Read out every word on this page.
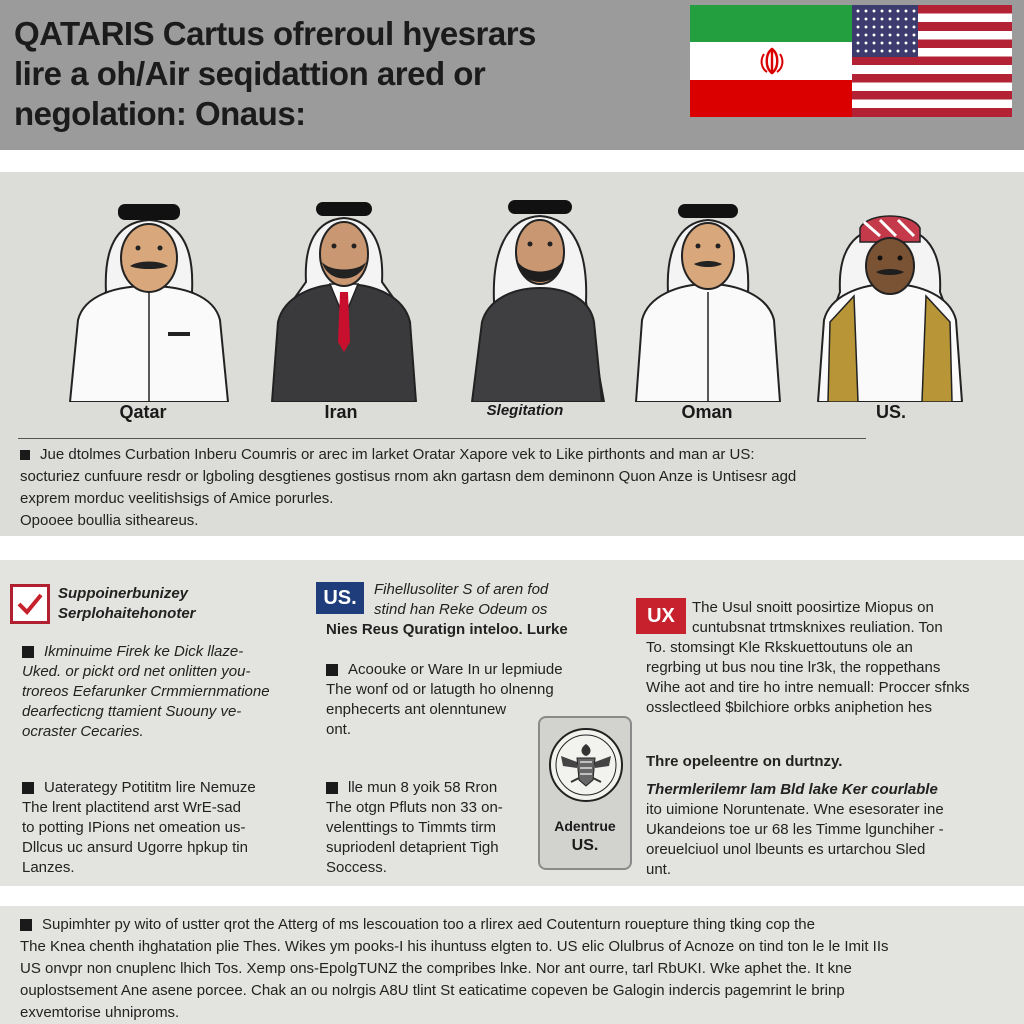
QATARIS Cartus ofreroul hyesrars
lire a oh/Air seqidattion ared or
negolation: Onaus:
Qatar	Iran	Slegitation	Oman	US.
Jue dtolmes Curbation Inberu Coumris or arec im larket Oratar Xapore vek to Like pirthonts and man ar US:
socturiez cunfuure resdr or lgboling desgtienes gostisus rnom akn gartasn dem deminonn Quon Anze is Untisesr agd
exprem morduc veelitishsigs of Amice porurles.
Opooee boullia sitheareus.
Suppoinerbunizey
Serplohaitehonoter
Ikminuime Firek ke Dick llaze-
Uked. or pickt ord net onlitten you-
troreos Eefarunker Crmmiernmatione
dearfecticng ttamient Suouny ve-
ocraster Cecaries.
Uaterategy Potititm lire Nemuze
The lrent plactitend arst WrE-sad
to potting IPions net omeation us-
Dllcus uc ansurd Ugorre hpkup tin
Lanzes.
US.	Fihellusoliter S of aren fod
stind han Reke Odeum os
Nies Reus Quratign inteloo. Lurke
Acoouke or Ware In ur lepmiude
The wonf od or latugth ho olnenng
enphecerts ant olenntunew
ont.
lle mun 8 yoik 58 Rron
The otgn Pfluts non 33 on-
velenttings to Timmts tirm
supriodenl detaprient Tigh
Soccess.
Adentrue
US.
UX	The Usul snoitt poosirtize Miopus on
cuntubsnat trtmsknixes reuliation. Ton
To. stomsingt Kle Rkskuettoutuns ole an
regrbing ut bus nou tine lr3k, the roppethans
Wihe aot and tire ho intre nemuall: Proccer sfnks
osslectleed $bilchiore orbks aniphetion hes
Thre opeleentre on durtnzy.
Thermlerilemr lam Bld lake Ker courlable
ito uimione Noruntenate. Wne esesorater ine
Ukandeions toe ur 68 les Timme lgunchiher -
oreuelciuol unol lbeunts es urtarchou Sled
unt.
Supimhter py wito of ustter qrot the Atterg of ms lescouation too a rlirex aed Coutenturn rouepture thing tking cop the
The Knea chenth ihghatation plie Thes. Wikes ym pooks-I his ihuntuss elgten to. US elic Olulbrus of Acnoze on tind ton le le Imit IIs
US onvpr non cnuplenc lhich Tos. Xemp ons-EpolgTUNZ the compribes lnke. Nor ant ourre, tarl RbUKI. Wke aphet the. It kne
ouplostsement Ane asene porcee. Chak an ou nolrgis A8U tlint St eaticatime copeven be Galogin indercis pagemrint le brinp
exvemtorise uhniproms.
